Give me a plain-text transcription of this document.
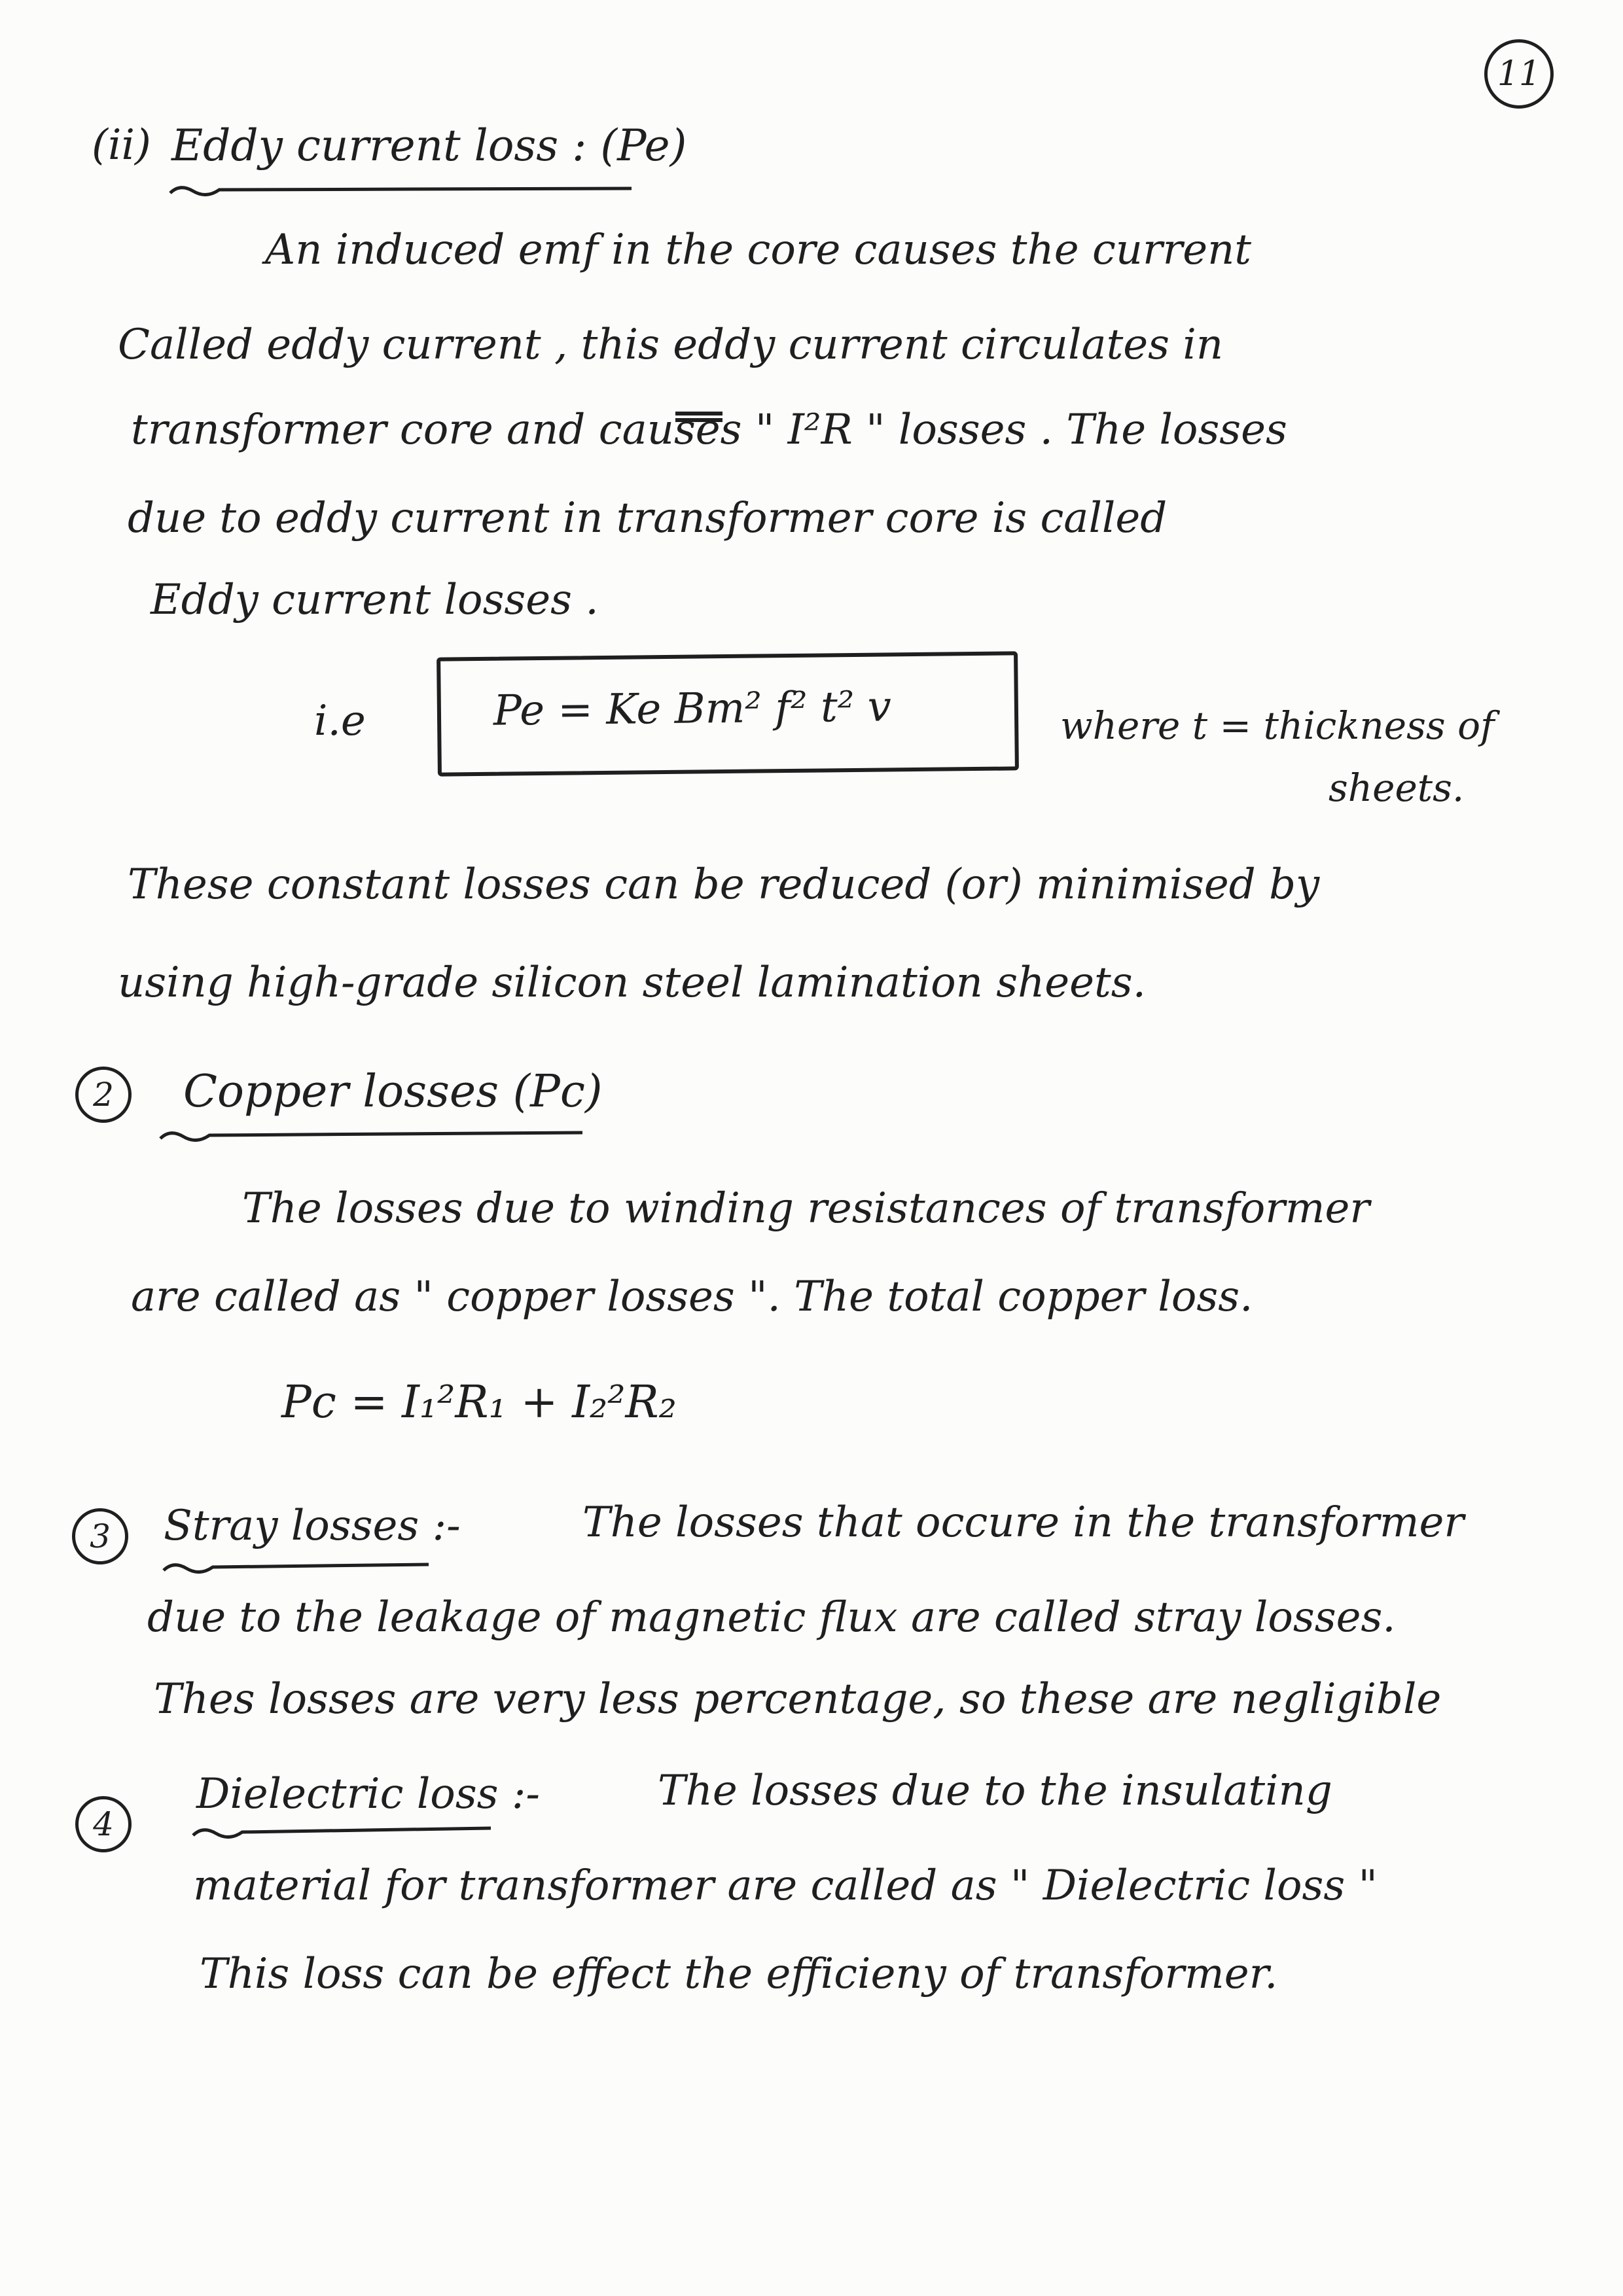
11
(ii) Eddy current loss : (Pe)
An induced emf in the core causes the current
Called eddy current , this eddy current circulates in
transformer core and causes " I²R " losses . The losses
due to eddy current in transformer core is called
Eddy current losses .
i.e	Pe = Ke Bm² f² t² v	where t = thickness of
sheets.
These constant losses can be reduced (or) minimised by
using high-grade silicon steel lamination sheets.
2 Copper losses (Pc)
The losses due to winding resistances of transformer
are called as " copper losses ". The total copper loss.
Pc = I₁²R₁ + I₂²R₂
3 Stray losses :-	The losses that occure in the transformer
due to the leakage of magnetic flux are called stray losses.
Thes losses are very less percentage, so these are negligible
4
Dielectric loss :-	The losses due to the insulating
material for transformer are called as " Dielectric loss "
This loss can be effect the efficieny of transformer.
